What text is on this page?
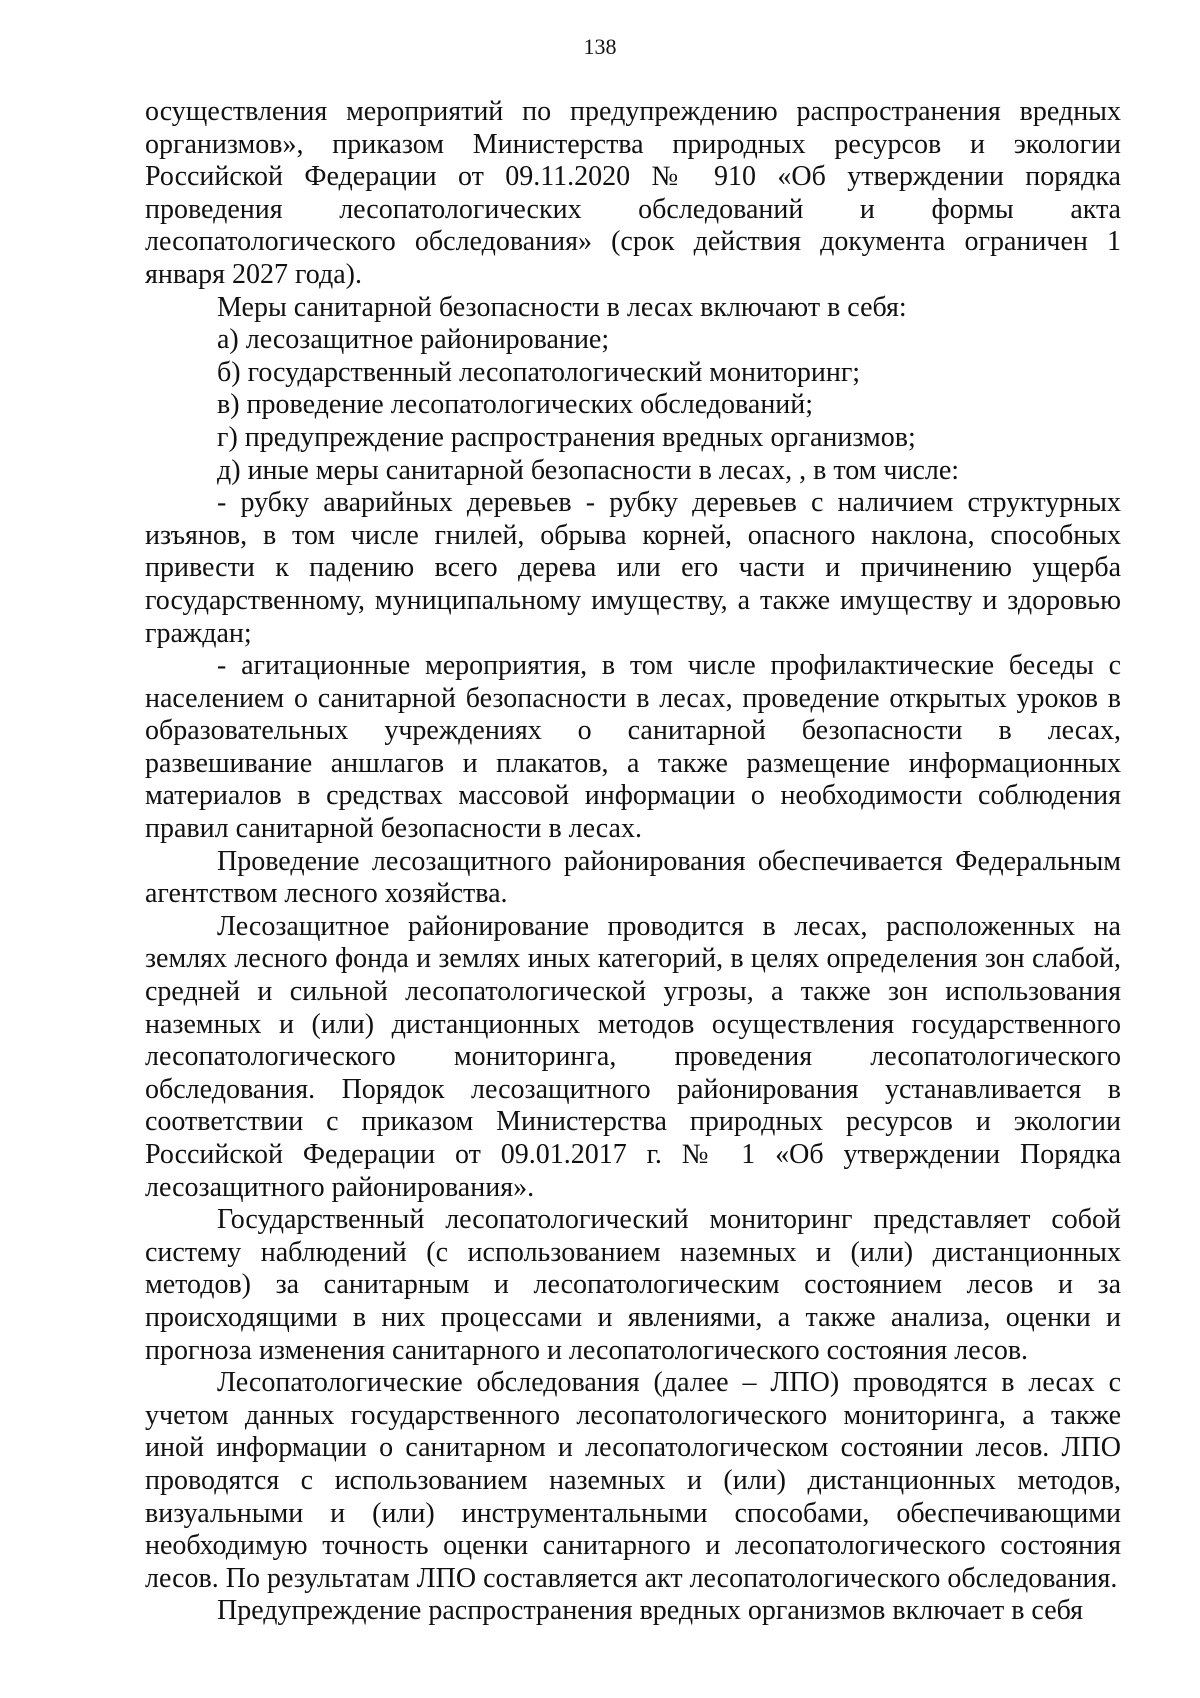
138

осуществления мероприятий по предупреждению распространения вредных организмов», приказом Министерства природных ресурсов и экологии Российской Федерации от 09.11.2020 № 910 «Об утверждении порядка проведения лесопатологических обследований и формы акта лесопатологического обследования» (срок действия документа ограничен 1 января 2027 года).

Меры санитарной безопасности в лесах включают в себя:

а) лесозащитное районирование;

б) государственный лесопатологический мониторинг;

в) проведение лесопатологических обследований;

г) предупреждение распространения вредных организмов;

д) иные меры санитарной безопасности в лесах, , в том числе:

- рубку аварийных деревьев - рубку деревьев с наличием структурных изъянов, в том числе гнилей, обрыва корней, опасного наклона, способных привести к падению всего дерева или его части и причинению ущерба государственному, муниципальному имуществу, а также имуществу и здоровью граждан;

- агитационные мероприятия, в том числе профилактические беседы с населением о санитарной безопасности в лесах, проведение открытых уроков в образовательных учреждениях о санитарной безопасности в лесах, развешивание аншлагов и плакатов, а также размещение информационных материалов в средствах массовой информации о необходимости соблюдения правил санитарной безопасности в лесах.

Проведение лесозащитного районирования обеспечивается Федеральным агентством лесного хозяйства.

Лесозащитное районирование проводится в лесах, расположенных на землях лесного фонда и землях иных категорий, в целях определения зон слабой, средней и сильной лесопатологической угрозы, а также зон использования наземных и (или) дистанционных методов осуществления государственного лесопатологического мониторинга, проведения лесопатологического обследования. Порядок лесозащитного районирования устанавливается в соответствии с приказом Министерства природных ресурсов и экологии Российской Федерации от 09.01.2017 г. № 1 «Об утверждении Порядка лесозащитного районирования».

Государственный лесопатологический мониторинг представляет собой систему наблюдений (с использованием наземных и (или) дистанционных методов) за санитарным и лесопатологическим состоянием лесов и за происходящими в них процессами и явлениями, а также анализа, оценки и прогноза изменения санитарного и лесопатологического состояния лесов.

Лесопатологические обследования (далее – ЛПО) проводятся в лесах с учетом данных государственного лесопатологического мониторинга, а также иной информации о санитарном и лесопатологическом состоянии лесов. ЛПО проводятся с использованием наземных и (или) дистанционных методов, визуальными и (или) инструментальными способами, обеспечивающими необходимую точность оценки санитарного и лесопатологического состояния лесов. По результатам ЛПО составляется акт лесопатологического обследования.

Предупреждение распространения вредных организмов включает в себя
